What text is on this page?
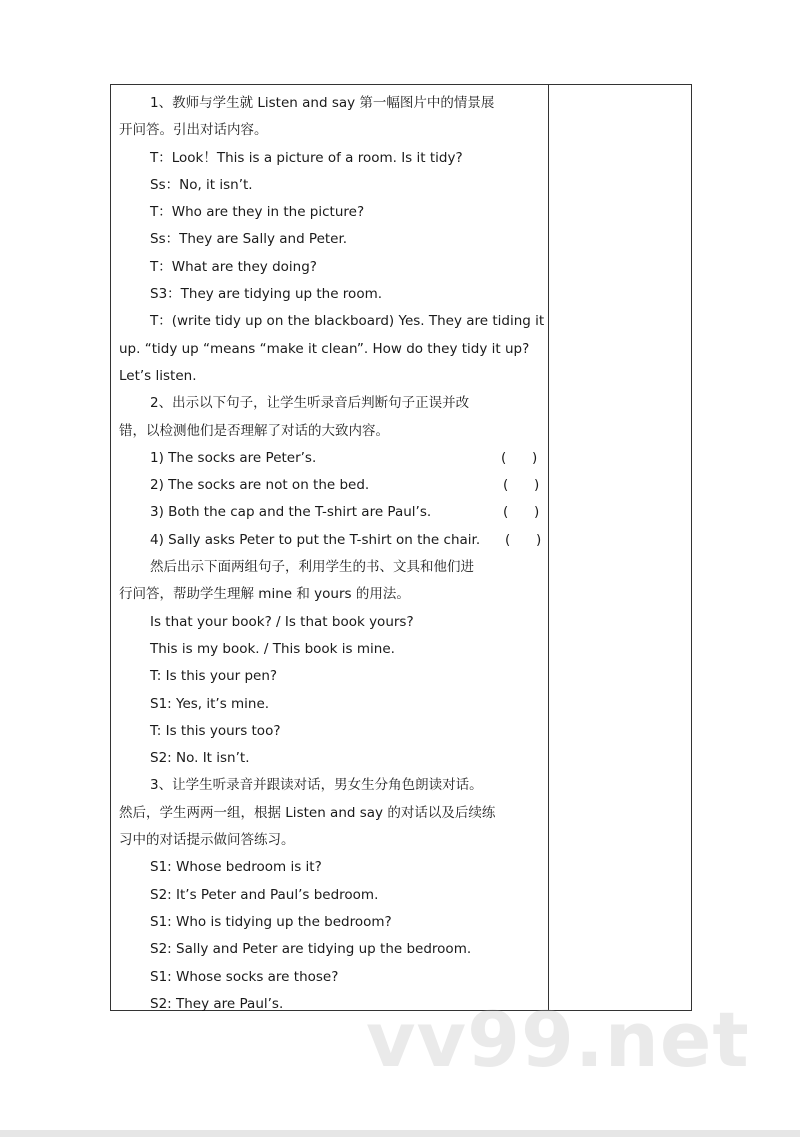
1、教师与学生就 Listen and say 第一幅图片中的情景展
开问答。引出对话内容。
T：Look！This is a picture of a room. Is it tidy?
Ss：No, it isn’t.
T：Who are they in the picture?
Ss：They are Sally and Peter.
T：What are they doing?
S3：They are tidying up the room.
T：(write tidy up on the blackboard) Yes. They are tiding it
up. “tidy up “means “make it clean”. How do they tidy it up?
Let’s listen.
2、出示以下句子，让学生听录音后判断句子正误并改
错，以检测他们是否理解了对话的大致内容。
1) The socks are Peter’s.	(      )
2) The socks are not on the bed.	(      )
3) Both the cap and the T-shirt are Paul’s.	(      )
4) Sally asks Peter to put the T-shirt on the chair. (      )
然后出示下面两组句子，利用学生的书、文具和他们进
行问答，帮助学生理解 mine 和 yours 的用法。
Is that your book? / Is that book yours?
This is my book. / This book is mine.
T: Is this your pen?
S1: Yes, it’s mine.
T: Is this yours too?
S2: No. It isn’t.
3、让学生听录音并跟读对话，男女生分角色朗读对话。
然后，学生两两一组，根据 Listen and say 的对话以及后续练
习中的对话提示做问答练习。
S1: Whose bedroom is it?
S2: It’s Peter and Paul’s bedroom.
S1: Who is tidying up the bedroom?
S2: Sally and Peter are tidying up the bedroom.
S1: Whose socks are those?
S2: They are Paul’s.	vv99.net
